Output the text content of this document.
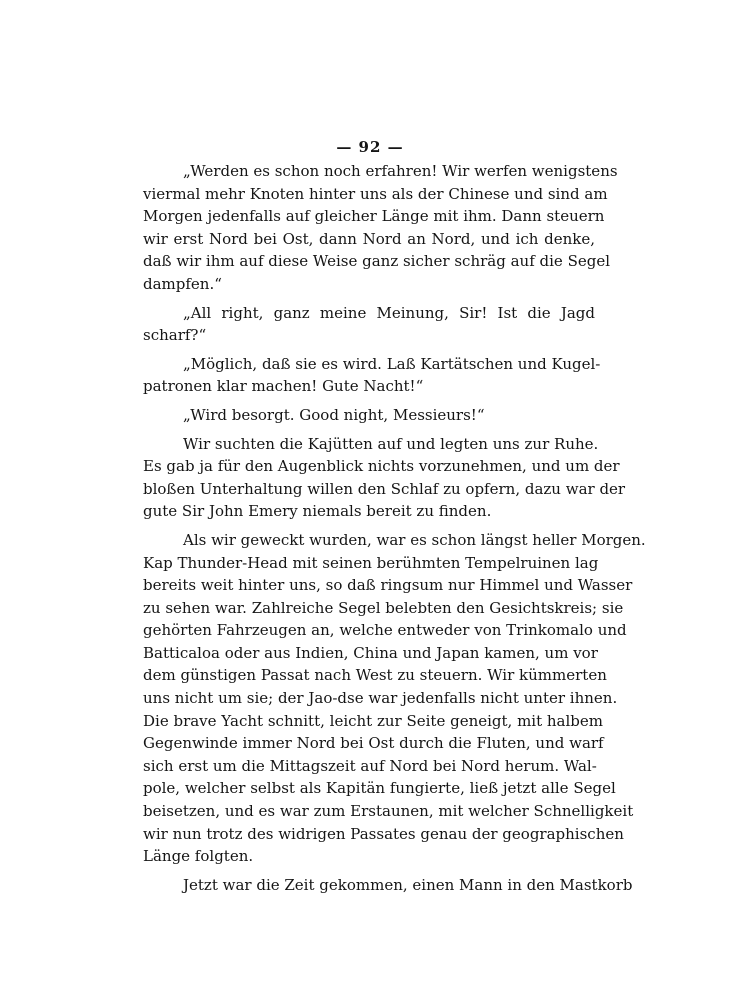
— 92 —
„Werden es schon noch erfahren! Wir werfen wenigstens
viermal mehr Knoten hinter uns als der Chinese und sind am
Morgen jedenfalls auf gleicher Länge mit ihm. Dann steuern
wir erst Nord bei Ost, dann Nord an Nord, und ich denke,
daß wir ihm auf diese Weise ganz sicher schräg auf die Segel
dampfen.“
„All right, ganz meine Meinung, Sir! Ist die Jagd
scharf?“
„Möglich, daß sie es wird. Laß Kartätschen und Kugel-
patronen klar machen! Gute Nacht!“
„Wird besorgt. Good night, Messieurs!“
Wir suchten die Kajütten auf und legten uns zur Ruhe.
Es gab ja für den Augenblick nichts vorzunehmen, und um der
bloßen Unterhaltung willen den Schlaf zu opfern, dazu war der
gute Sir John Emery niemals bereit zu finden.
Als wir geweckt wurden, war es schon längst heller Morgen.
Kap Thunder-Head mit seinen berühmten Tempelruinen lag
bereits weit hinter uns, so daß ringsum nur Himmel und Wasser
zu sehen war. Zahlreiche Segel belebten den Gesichtskreis; sie
gehörten Fahrzeugen an, welche entweder von Trinkomalo und
Batticaloa oder aus Indien, China und Japan kamen, um vor
dem günstigen Passat nach West zu steuern. Wir kümmerten
uns nicht um sie; der Jao-dse war jedenfalls nicht unter ihnen.
Die brave Yacht schnitt, leicht zur Seite geneigt, mit halbem
Gegenwinde immer Nord bei Ost durch die Fluten, und warf
sich erst um die Mittagszeit auf Nord bei Nord herum. Wal-
pole, welcher selbst als Kapitän fungierte, ließ jetzt alle Segel
beisetzen, und es war zum Erstaunen, mit welcher Schnelligkeit
wir nun trotz des widrigen Passates genau der geographischen
Länge folgten.
Jetzt war die Zeit gekommen, einen Mann in den Mastkorb
